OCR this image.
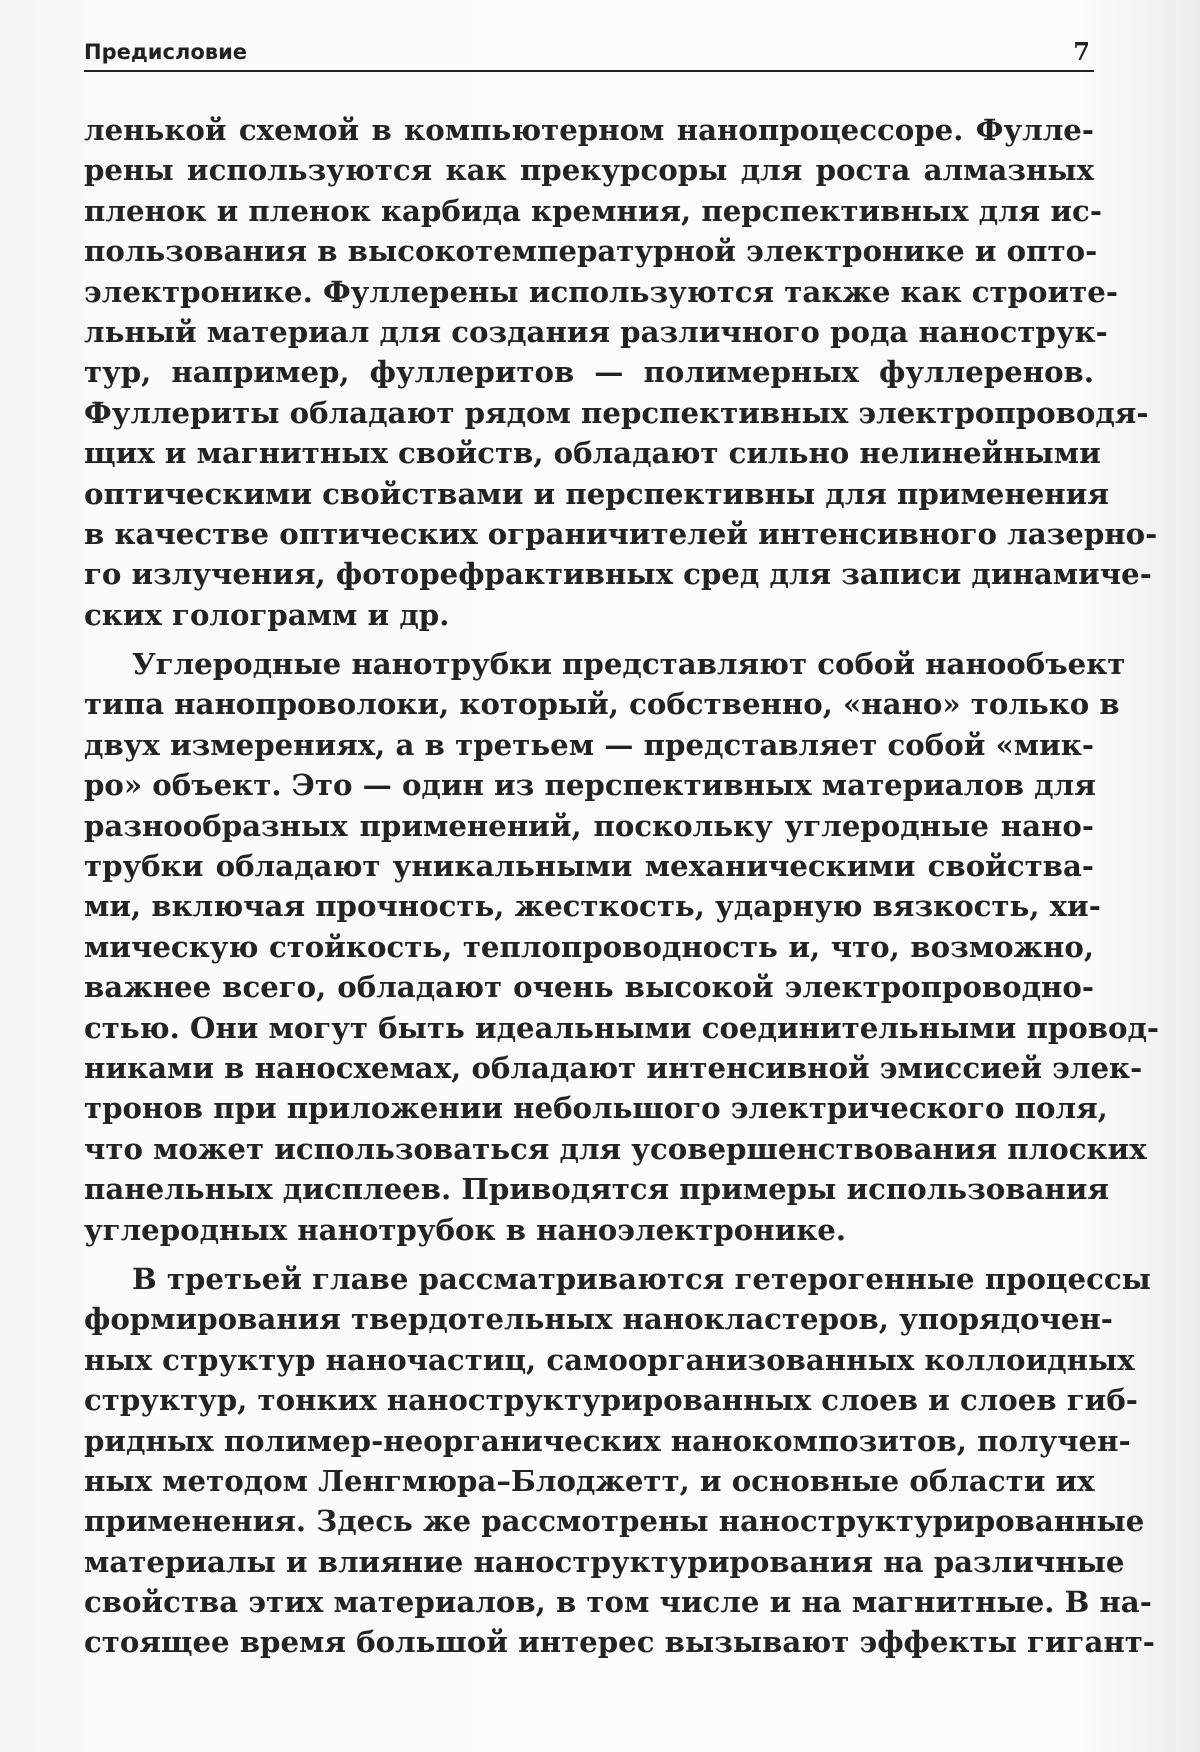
Предисловие	7

ленькой схемой в компьютерном нанопроцессоре. Фулле-
рены используются как прекурсоры для роста алмазных
пленок и пленок карбида кремния, перспективных для ис-
пользования в высокотемпературной электронике и опто-
электронике. Фуллерены используются также как строите-
льный материал для создания различного рода нанострук-
тур, например, фуллеритов — полимерных фуллеренов.
Фуллериты обладают рядом перспективных электропроводя-
щих и магнитных свойств, обладают сильно нелинейными
оптическими свойствами и перспективны для применения
в качестве оптических ограничителей интенсивного лазерно-
го излучения, фоторефрактивных сред для записи динамиче-
ских голограмм и др.

Углеродные нанотрубки представляют собой нанообъект
типа нанопроволоки, который, собственно, «нано» только в
двух измерениях, а в третьем — представляет собой «мик-
ро» объект. Это — один из перспективных материалов для
разнообразных применений, поскольку углеродные нано-
трубки обладают уникальными механическими свойства-
ми, включая прочность, жесткость, ударную вязкость, хи-
мическую стойкость, теплопроводность и, что, возможно,
важнее всего, обладают очень высокой электропроводно-
стью. Они могут быть идеальными соединительными провод-
никами в наносхемах, обладают интенсивной эмиссией элек-
тронов при приложении небольшого электрического поля,
что может использоваться для усовершенствования плоских
панельных дисплеев. Приводятся примеры использования
углеродных нанотрубок в наноэлектронике.

В третьей главе рассматриваются гетерогенные процессы
формирования твердотельных нанокластеров, упорядочен-
ных структур наночастиц, самоорганизованных коллоидных
структур, тонких наноструктурированных слоев и слоев гиб-
ридных полимер-неорганических нанокомпозитов, получен-
ных методом Ленгмюра–Блоджетт, и основные области их
применения. Здесь же рассмотрены наноструктурированные
материалы и влияние наноструктурирования на различные
свойства этих материалов, в том числе и на магнитные. В на-
стоящее время большой интерес вызывают эффекты гигант-
